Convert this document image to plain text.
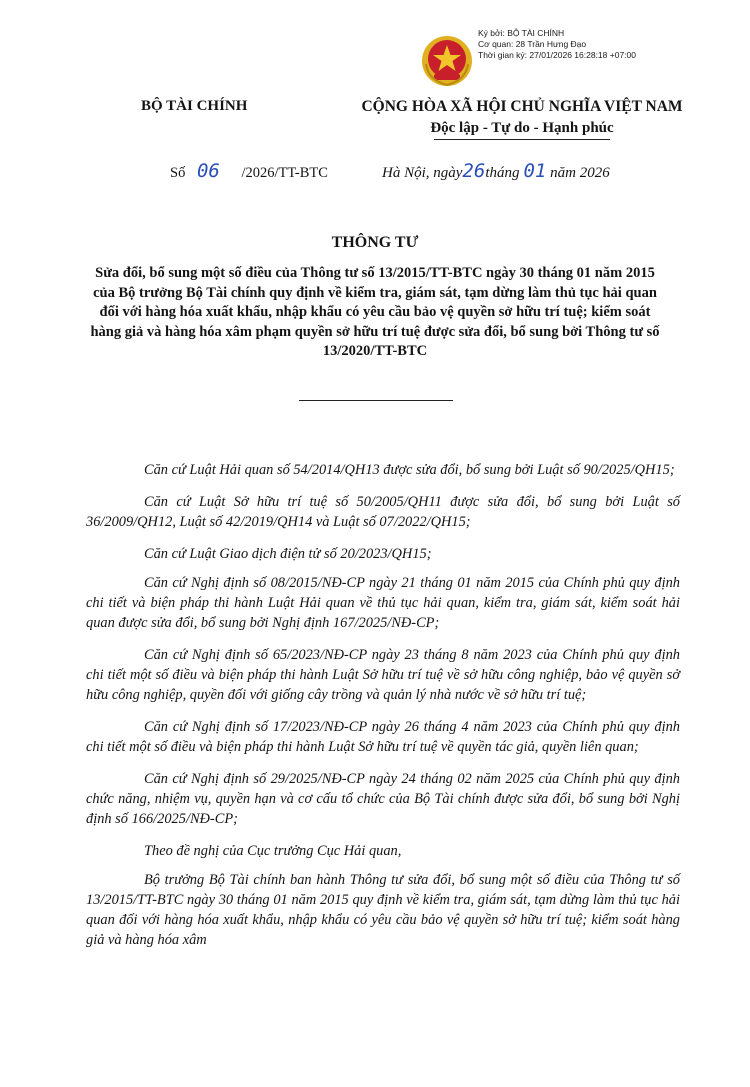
Ký bởi: BỘ TÀI CHÍNH
Cơ quan: 28 Trần Hưng Đạo
Thời gian ký: 27/01/2026 16:28:18 +07:00
BỘ TÀI CHÍNH	CỘNG HÒA XÃ HỘI CHỦ NGHĨA VIỆT NAM
Độc lập - Tự do - Hạnh phúc
Số 06 /2026/TT-BTC	Hà Nội, ngày26tháng 01 năm 2026
THÔNG TƯ
Sửa đổi, bổ sung một số điều của Thông tư số 13/2015/TT-BTC ngày 30 tháng 01 năm 2015 của Bộ trưởng Bộ Tài chính quy định về kiểm tra, giám sát, tạm dừng làm thủ tục hải quan đối với hàng hóa xuất khẩu, nhập khẩu có yêu cầu bảo vệ quyền sở hữu trí tuệ; kiểm soát hàng giả và hàng hóa xâm phạm quyền sở hữu trí tuệ được sửa đổi, bổ sung bởi Thông tư số 13/2020/TT-BTC

Căn cứ Luật Hải quan số 54/2014/QH13 được sửa đổi, bổ sung bởi Luật số 90/2025/QH15;

Căn cứ Luật Sở hữu trí tuệ số 50/2005/QH11 được sửa đổi, bổ sung bởi Luật số 36/2009/QH12, Luật số 42/2019/QH14 và Luật số 07/2022/QH15;

Căn cứ Luật Giao dịch điện tử số 20/2023/QH15;

Căn cứ Nghị định số 08/2015/NĐ-CP ngày 21 tháng 01 năm 2015 của Chính phủ quy định chi tiết và biện pháp thi hành Luật Hải quan về thủ tục hải quan, kiểm tra, giám sát, kiểm soát hải quan được sửa đổi, bổ sung bởi Nghị định 167/2025/NĐ-CP;

Căn cứ Nghị định số 65/2023/NĐ-CP ngày 23 tháng 8 năm 2023 của Chính phủ quy định chi tiết một số điều và biện pháp thi hành Luật Sở hữu trí tuệ về sở hữu công nghiệp, bảo vệ quyền sở hữu công nghiệp, quyền đối với giống cây trồng và quản lý nhà nước về sở hữu trí tuệ;

Căn cứ Nghị định số 17/2023/NĐ-CP ngày 26 tháng 4 năm 2023 của Chính phủ quy định chi tiết một số điều và biện pháp thi hành Luật Sở hữu trí tuệ về quyền tác giả, quyền liên quan;

Căn cứ Nghị định số 29/2025/NĐ-CP ngày 24 tháng 02 năm 2025 của Chính phủ quy định chức năng, nhiệm vụ, quyền hạn và cơ cấu tổ chức của Bộ Tài chính được sửa đổi, bổ sung bởi Nghị định số 166/2025/NĐ-CP;

Theo đề nghị của Cục trưởng Cục Hải quan,

Bộ trưởng Bộ Tài chính ban hành Thông tư sửa đổi, bổ sung một số điều của Thông tư số 13/2015/TT-BTC ngày 30 tháng 01 năm 2015 quy định về kiểm tra, giám sát, tạm dừng làm thủ tục hải quan đối với hàng hóa xuất khẩu, nhập khẩu có yêu cầu bảo vệ quyền sở hữu trí tuệ; kiểm soát hàng giả và hàng hóa xâm
